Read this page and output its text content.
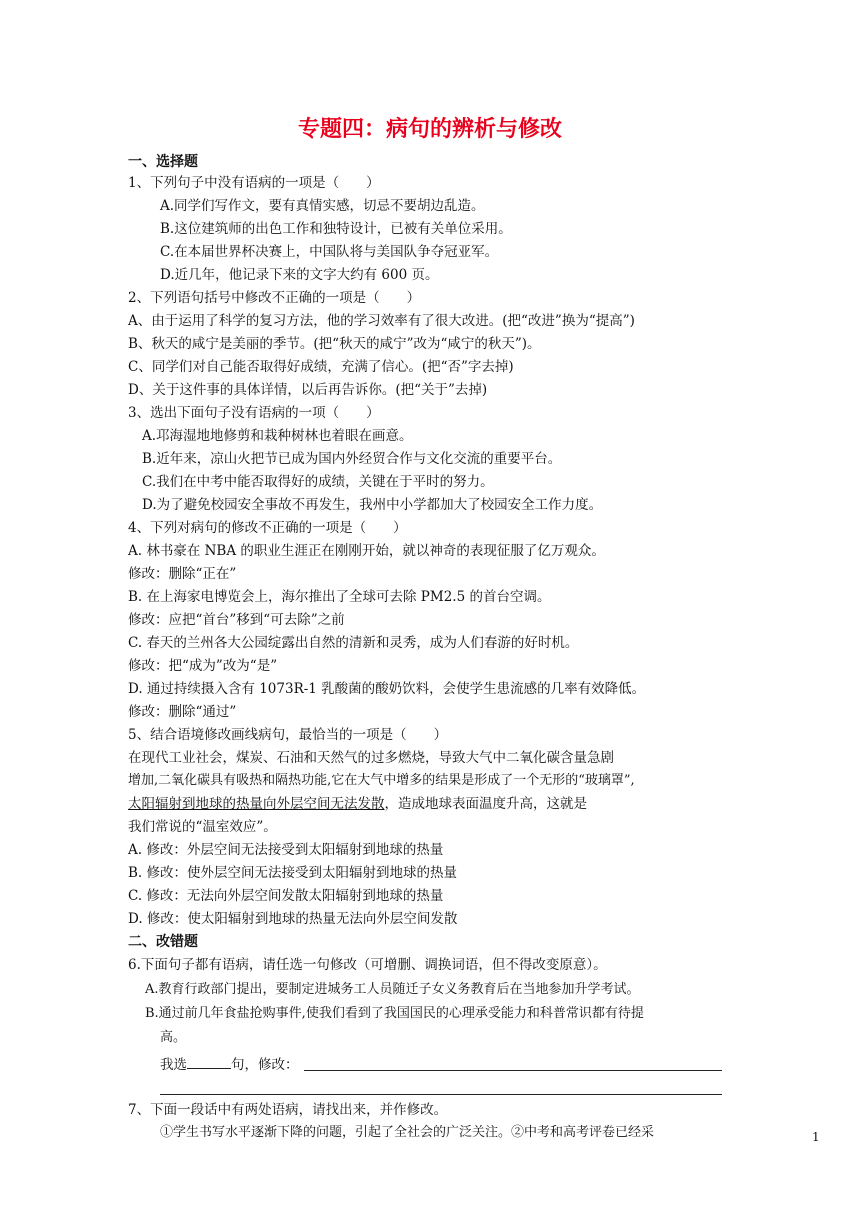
专题四：病句的辨析与修改
一、选择题
1、下列句子中没有语病的一项是（　　）
A.同学们写作文，要有真情实感，切忌不要胡边乱造。
B.这位建筑师的出色工作和独特设计，已被有关单位采用。
C.在本届世界杯决赛上，中国队将与美国队争夺冠亚军。
D.近几年，他记录下来的文字大约有 600 页。
2、下列语句括号中修改不正确的一项是（　　）
A、由于运用了科学的复习方法，他的学习效率有了很大改进。(把“改进”换为“提高”)
B、秋天的咸宁是美丽的季节。(把“秋天的咸宁”改为“咸宁的秋天”)。
C、同学们对自己能否取得好成绩，充满了信心。(把“否”字去掉)
D、关于这件事的具体详情，以后再告诉你。(把“关于”去掉)
3、选出下面句子没有语病的一项（　　）
A.邛海湿地地修剪和栽种树林也着眼在画意。
B.近年来，凉山火把节已成为国内外经贸合作与文化交流的重要平台。
C.我们在中考中能否取得好的成绩，关键在于平时的努力。
D.为了避免校园安全事故不再发生，我州中小学都加大了校园安全工作力度。
4、下列对病句的修改不正确的一项是（　　）
A. 林书豪在 NBA 的职业生涯正在刚刚开始，就以神奇的表现征服了亿万观众。
修改：删除“正在”
B. 在上海家电博览会上，海尔推出了全球可去除 PM2.5 的首台空调。
修改：应把“首台”移到“可去除”之前
C. 春天的兰州各大公园绽露出自然的清新和灵秀，成为人们春游的好时机。
修改：把“成为”改为“是”
D. 通过持续摄入含有 1073R-1 乳酸菌的酸奶饮料，会使学生患流感的几率有效降低。
修改：删除“通过”
5、结合语境修改画线病句，最恰当的一项是（　　）
在现代工业社会，煤炭、石油和天然气的过多燃烧，导致大气中二氧化碳含量急剧
增加,二氧化碳具有吸热和隔热功能,它在大气中增多的结果是形成了一个无形的“玻璃罩”,
太阳辐射到地球的热量向外层空间无法发散，造成地球表面温度升高，这就是
我们常说的“温室效应”。
A. 修改：外层空间无法接受到太阳辐射到地球的热量
B. 修改：使外层空间无法接受到太阳辐射到地球的热量
C. 修改：无法向外层空间发散太阳辐射到地球的热量
D. 修改：使太阳辐射到地球的热量无法向外层空间发散
二、改错题
6.下面句子都有语病，请任选一句修改（可增删、调换词语，但不得改变原意）。
A.教育行政部门提出，要制定进城务工人员随迁子女义务教育后在当地参加升学考试。
B.通过前几年食盐抢购事件,使我们看到了我国国民的心理承受能力和科普常识都有待提
高。
我选	句，修改：
7、下面一段话中有两处语病，请找出来，并作修改。
①学生书写水平逐渐下降的问题，引起了全社会的广泛关注。②中考和高考评卷已经采	1
